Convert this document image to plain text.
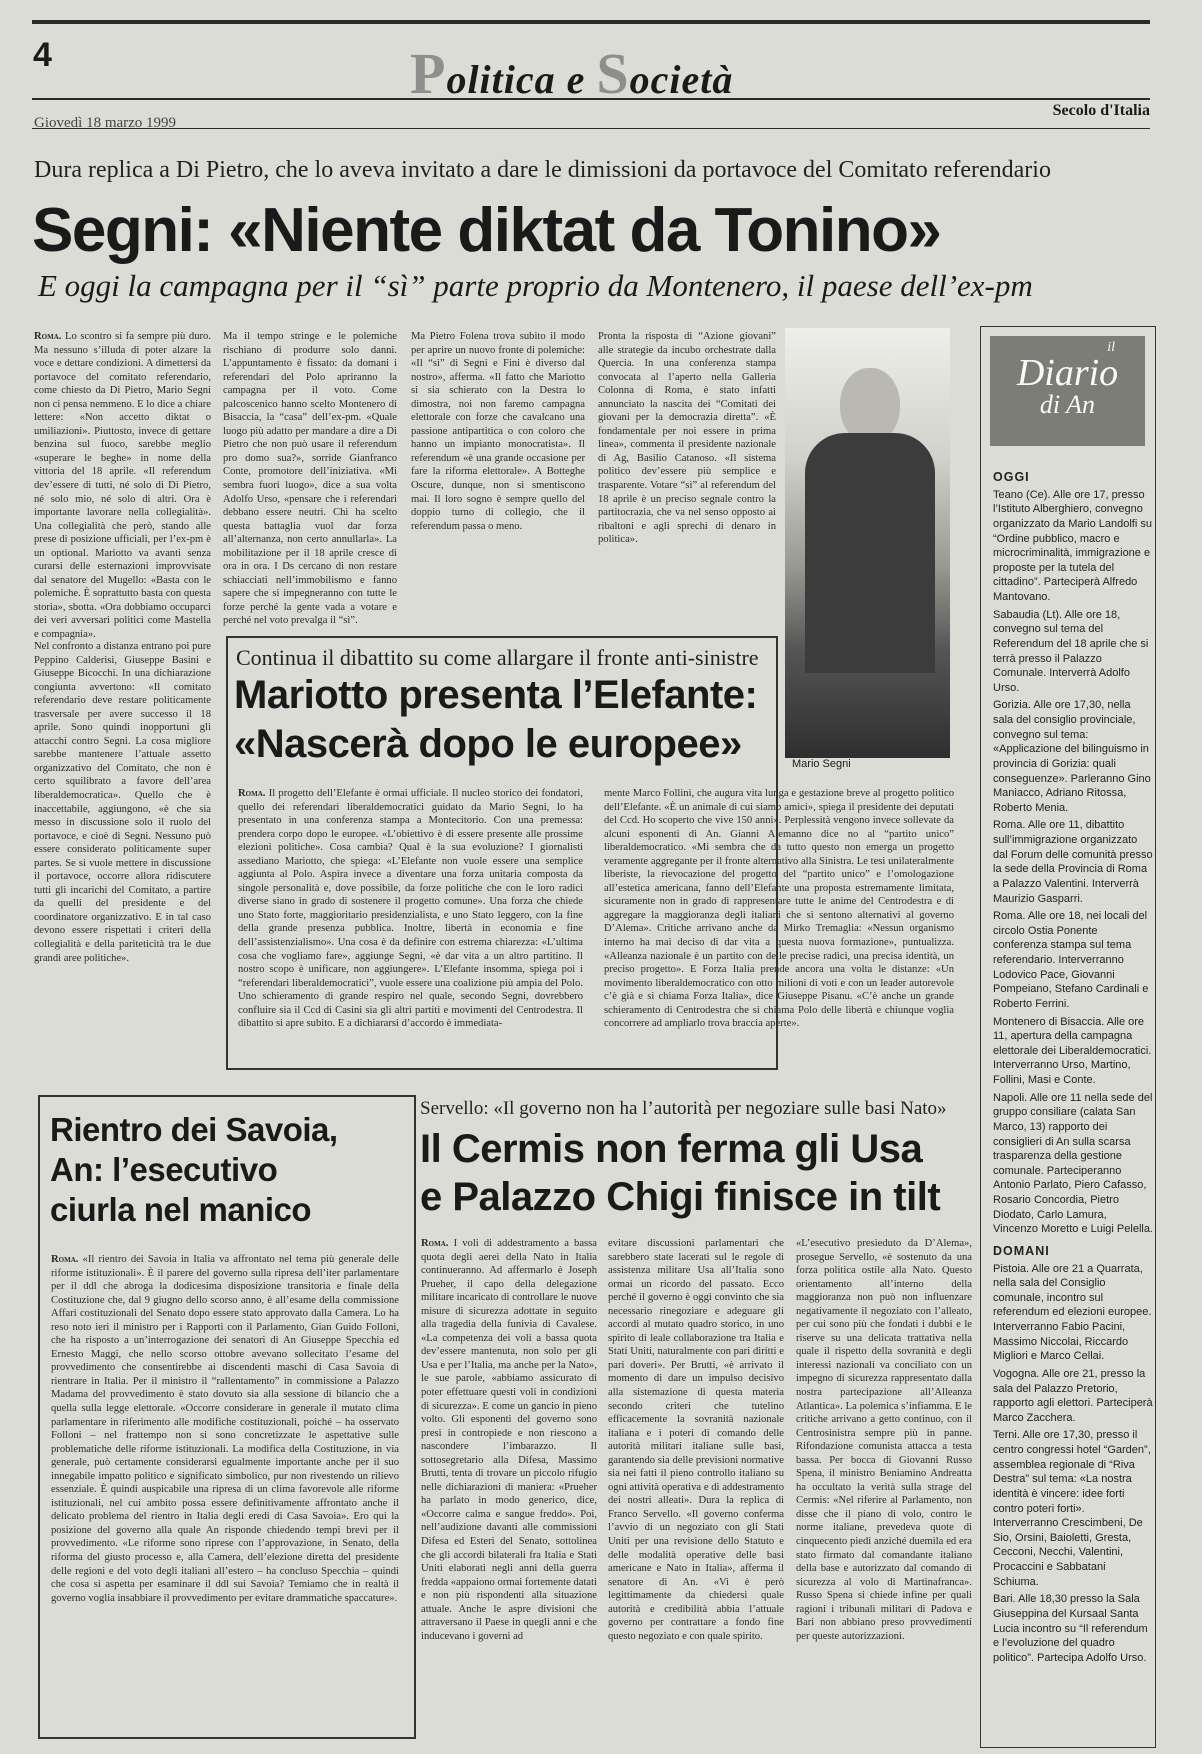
4	Politica e Società
Giovedì 18 marzo 1999
Secolo d'Italia
Dura replica a Di Pietro, che lo aveva invitato a dare le dimissioni da portavoce del Comitato referendario
Segni: «Niente diktat da Tonino»
E oggi la campagna per il “sì” parte proprio da Montenero, il paese dell’ex-pm
Roma. Lo scontro si fa sempre più duro. Ma nessuno s’illuda di poter alzare la voce e dettare condizioni. A dimettersi da portavoce del comitato referendario, come chiesto da Di Pietro, Mario Segni non ci pensa nemmeno. E lo dice a chiare lettere: «Non accetto diktat o umiliazioni». Piuttosto, invece di gettare benzina sul fuoco, sarebbe meglio «superare le beghe» in nome della vittoria del 18 aprile. «Il referendum dev’essere di tutti, né solo di Di Pietro, né solo mio, né solo di altri. Ora è importante lavorare nella collegialità». Una collegialità che però, stando alle prese di posizione ufficiali, per l’ex-pm è un optional. Mariotto va avanti senza curarsi delle esternazioni improvvisate dal senatore del Mugello: «Basta con le polemiche. È soprattutto basta con questa storia», sbotta. «Ora dobbiamo occuparci dei veri avversari politici come Mastella e compagnia».
Ma il tempo stringe e le polemiche rischiano di produrre solo danni. L’appuntamento è fissato: da domani i referendari del Polo apriranno la campagna per il voto. Come palcoscenico hanno scelto Montenero di Bisaccia, la “casa” dell’ex-pm. «Quale luogo più adatto per mandare a dire a Di Pietro che non può usare il referendum pro domo sua?», sorride Gianfranco Conte, promotore dell’iniziativa. «Mi sembra fuori luogo», dice a sua volta Adolfo Urso, «pensare che i referendari debbano essere neutri. Chi ha scelto questa battaglia vuol dar forza all’alternanza, non certo annullarla». La mobilitazione per il 18 aprile cresce di ora in ora. I Ds cercano di non restare schiacciati nell’immobilismo e fanno sapere che si impegneranno con tutte le forze perché la gente vada a votare e perché nel voto prevalga il “sì”.
Ma Pietro Folena trova subito il modo per aprire un nuovo fronte di polemiche: «Il “sì” di Segni e Fini è diverso dal nostro», afferma. «Il fatto che Mariotto si sia schierato con la Destra lo dimostra, noi non faremo campagna elettorale con forze che cavalcano una passione antipartitica o con coloro che hanno un impianto monocratista». Il referendum «è una grande occasione per fare la riforma elettorale». A Botteghe Oscure, dunque, non si smentiscono mai. Il loro sogno è sempre quello del doppio turno di collegio, che il referendum passa o meno.
Pronta la risposta di “Azione giovani” alle strategie da incubo orchestrate dalla Quercia. In una conferenza stampa convocata al l’aperto nella Galleria Colonna di Roma, è stato infatti annunciato la nascita dei “Comitati dei giovani per la democrazia diretta”. «È fondamentale per noi essere in prima linea», commenta il presidente nazionale di Ag, Basilio Catanoso. «Il sistema politico dev’essere più semplice e trasparente. Votare “sì” al referendum del 18 aprile è un preciso segnale contro la partitocrazia, che va nel senso opposto ai ribaltoni e agli sprechi di denaro in politica».
Nel confronto a distanza entrano poi pure Peppino Calderisi, Giuseppe Basini e Giuseppe Bicocchi. In una dichiarazione congiunta avvertono: «Il comitato referendario deve restare politicamente trasversale per avere successo il 18 aprile. Sono quindi inopportuni gli attacchi contro Segni. La cosa migliore sarebbe mantenere l’attuale assetto organizzativo del Comitato, che non è certo squilibrato a favore dell’area liberaldemocratica». Quello che è inaccettabile, aggiungono, «è che sia messo in discussione solo il ruolo del portavoce, e cioè di Segni. Nessuno può essere considerato politicamente super partes. Se si vuole mettere in discussione il portavoce, occorre allora ridiscutere tutti gli incarichi del Comitato, a partire da quelli del presidente e del coordinatore organizzativo. E in tal caso devono essere rispettati i criteri della collegialità e della pariteticità tra le due grandi aree politiche».
Mario Segni
Continua il dibattito su come allargare il fronte anti-sinistre
Mariotto presenta l’Elefante:
«Nascerà dopo le europee»
Roma. Il progetto dell’Elefante è ormai ufficiale. Il nucleo storico dei fondatori, quello dei referendari liberaldemocratici guidato da Mario Segni, lo ha presentato in una conferenza stampa a Montecitorio. Con una premessa: prendera corpo dopo le europee. «L’obiettivo è di essere presente alle prossime elezioni politiche». Cosa cambia? Qual è la sua evoluzione? I giornalisti assediano Mariotto, che spiega: «L’Elefante non vuole essere una semplice aggiunta al Polo. Aspira invece a diventare una forza unitaria composta da singole personalità e, dove possibile, da forze politiche che con le loro radici diverse siano in grado di sostenere il progetto comune». Una forza che chiede uno Stato forte, maggioritario presidenzialista, e uno Stato leggero, con la fine della grande presenza pubblica. Inoltre, libertà in economia e fine dell’assistenzialismo». Una cosa è da definire con estrema chiarezza: «L’ultima cosa che vogliamo fare», aggiunge Segni, «è dar vita a un altro partitino. Il nostro scopo è unificare, non aggiungere». L’Elefante insomma, spiega poi i “referendari liberaldemocratici”, vuole essere una coalizione più ampia del Polo. Uno schieramento di grande respiro nel quale, secondo Segni, dovrebbero confluire sia il Ccd di Casini sia gli altri partiti e movimenti del Centrodestra. Il dibattito si apre subito. E a dichiararsi d’accordo è immediata-
mente Marco Follini, che augura vita lunga e gestazione breve al progetto politico dell’Elefante. «È un animale di cui siamo amici», spiega il presidente dei deputati del Ccd. Ho scoperto che vive 150 anni». Perplessità vengono invece sollevate da alcuni esponenti di An. Gianni Alemanno dice no al “partito unico” liberaldemocratico. «Mi sembra che da tutto questo non emerga un progetto veramente aggregante per il fronte alternativo alla Sinistra. Le tesi unilateralmente liberiste, la rievocazione del progetto del “partito unico” e l’omologazione all’estetica americana, fanno dell’Elefante una proposta estremamente limitata, sicuramente non in grado di rappresentare tutte le anime del Centrodestra e di aggregare la maggioranza degli italiani che si sentono alternativi al governo D’Alema». Critiche arrivano anche da Mirko Tremaglia: «Nessun organismo interno ha mai deciso di dar vita a questa nuova formazione», puntualizza. «Alleanza nazionale è un partito con delle precise radici, una precisa identità, un preciso progetto». E Forza Italia prende ancora una volta le distanze: «Un movimento liberaldemocratico con otto milioni di voti e con un leader autorevole c’è già e si chiama Forza Italia», dice Giuseppe Pisanu. «C’è anche un grande schieramento di Centrodestra che si chiama Polo delle libertà e chiunque voglia concorrere ad ampliarlo trova braccia aperte».
il
Diario
di An
OGGI
Teano (Ce). Alle ore 17, presso l’Istituto Alberghiero, convegno organizzato da Mario Landolfi su “Ordine pubblico, macro e microcriminalità, immigrazione e proposte per la tutela del cittadino”. Parteciperà Alfredo Mantovano.
Sabaudia (Lt). Alle ore 18, convegno sul tema del Referendum del 18 aprile che si terrà presso il Palazzo Comunale. Interverrà Adolfo Urso.
Gorizia. Alle ore 17,30, nella sala del consiglio provinciale, convegno sul tema: «Applicazione del bilinguismo in provincia di Gorizia: quali conseguenze». Parleranno Gino Maniacco, Adriano Ritossa, Roberto Menia.
Roma. Alle ore 11, dibattito sull’immigrazione organizzato dal Forum delle comunità presso la sede della Provincia di Roma a Palazzo Valentini. Interverrà Maurizio Gasparri.
Roma. Alle ore 18, nei locali del circolo Ostia Ponente conferenza stampa sul tema referendario. Interverranno Lodovico Pace, Giovanni Pompeiano, Stefano Cardinali e Roberto Ferrini.
Montenero di Bisaccia. Alle ore 11, apertura della campagna elettorale dei Liberaldemocratici. Interverranno Urso, Martino, Follini, Masi e Conte.
Napoli. Alle ore 11 nella sede del gruppo consiliare (calata San Marco, 13) rapporto dei consiglieri di An sulla scarsa trasparenza della gestione comunale. Parteciperanno Antonio Parlato, Piero Cafasso, Rosario Concordia, Pietro Diodato, Carlo Lamura, Vincenzo Moretto e Luigi Pelella.
DOMANI
Pistoia. Alle ore 21 a Quarrata, nella sala del Consiglio comunale, incontro sul referendum ed elezioni europee. Interverranno Fabio Pacini, Massimo Niccolai, Riccardo Migliori e Marco Cellai.
Vogogna. Alle ore 21, presso la sala del Palazzo Pretorio, rapporto agli elettori. Parteciperà Marco Zacchera.
Terni. Alle ore 17,30, presso il centro congressi hotel “Garden”, assemblea regionale di “Riva Destra” sul tema: «La nostra identità è vincere: idee forti contro poteri forti». Interverranno Crescimbeni, De Sio, Orsini, Baioletti, Gresta, Cecconi, Necchi, Valentini, Procaccini e Sabbatani Schiuma.
Bari. Alle 18,30 presso la Sala Giuseppina del Kursaal Santa Lucia incontro su “Il referendum e l’evoluzione del quadro politico”. Partecipa Adolfo Urso.
Rientro dei Savoia,
An: l’esecutivo
ciurla nel manico
Roma. «Il rientro dei Savoia in Italia va affrontato nel tema più generale delle riforme istituzionali». È il parere del governo sulla ripresa dell’iter parlamentare per il ddl che abroga la dodicesima disposizione transitoria e finale della Costituzione che, dal 9 giugno dello scorso anno, è all’esame della commissione Affari costituzionali del Senato dopo essere stato approvato dalla Camera. Lo ha reso noto ieri il ministro per i Rapporti con il Parlamento, Gian Guido Folloni, che ha risposto a un’interrogazione dei senatori di An Giuseppe Specchia ed Ernesto Maggi, che nello scorso ottobre avevano sollecitato l’esame del provvedimento che consentirebbe ai discendenti maschi di Casa Savoia di rientrare in Italia. Per il ministro il “rallentamento” in commissione a Palazzo Madama del provvedimento è stato dovuto sia alla sessione di bilancio che a quella sulla legge elettorale. «Occorre considerare in generale il mutato clima parlamentare in riferimento alle modifiche costituzionali, poiché – ha osservato Folloni – nel frattempo non si sono concretizzate le aspettative sulle problematiche delle riforme istituzionali. La modifica della Costituzione, in via generale, può certamente considerarsi egualmente importante anche per il suo innegabile impatto politico e significato simbolico, pur non rivestendo un rilievo essenziale. È quindi auspicabile una ripresa di un clima favorevole alle riforme istituzionali, nel cui ambito possa essere definitivamente affrontato anche il delicato problema del rientro in Italia degli eredi di Casa Savoia». Ero qui la posizione del governo alla quale An risponde chiedendo tempi brevi per il provvedimento. «Le riforme sono riprese con l’approvazione, in Senato, della riforma del giusto processo e, alla Camera, dell’elezione diretta del presidente delle regioni e del voto degli italiani all’estero – ha concluso Specchia – quindi che cosa si aspetta per esaminare il ddl sui Savoia? Temiamo che in realtà il governo voglia insabbiare il provvedimento per evitare drammatiche spaccature».
Servello: «Il governo non ha l’autorità per negoziare sulle basi Nato»
Il Cermis non ferma gli Usa
e Palazzo Chigi finisce in tilt
Roma. I voli di addestramento a bassa quota degli aerei della Nato in Italia continueranno. Ad affermarlo è Joseph Prueher, il capo della delegazione militare incaricato di controllare le nuove misure di sicurezza adottate in seguito alla tragedia della funivia di Cavalese. «La competenza dei voli a bassa quota dev’essere mantenuta, non solo per gli Usa e per l’Italia, ma anche per la Nato», le sue parole, «abbiamo assicurato di poter effettuare questi voli in condizioni di sicurezza». E come un gancio in pieno volto. Gli esponenti del governo sono presi in contropiede e non riescono a nascondere l’imbarazzo. Il sottosegretario alla Difesa, Massimo Brutti, tenta di trovare un piccolo rifugio nelle dichiarazioni di maniera: «Prueher ha parlato in modo generico, dice, «Occorre calma e sangue freddo». Poi, nell’audizione davanti alle commissioni Difesa ed Esteri del Senato, sottolinea che gli accordi bilaterali fra Italia e Stati Uniti elaborati negli anni della guerra fredda «appaiono ormai fortemente datati e non più rispondenti alla situazione attuale. Anche le aspre divisioni che attraversano il Paese in quegli anni e che inducevano i governi ad
evitare discussioni parlamentari che sarebbero state lacerati sul le regole di assistenza militare Usa all’Italia sono ormai un ricordo del passato. Ecco perché il governo è oggi convinto che sia necessario rinegoziare e adeguare gli accordi al mutato quadro storico, in uno spirito di leale collaborazione tra Italia e Stati Uniti, naturalmente con pari diritti e pari doveri». Per Brutti, «è arrivato il momento di dare un impulso decisivo alla sistemazione di questa materia secondo criteri che tutelino efficacemente la sovranità nazionale italiana e i poteri di comando delle autorità militari italiane sulle basi, garantendo sia delle previsioni normative sia nei fatti il pieno controllo italiano su ogni attività operativa e di addestramento dei nostri alleati». Dura la replica di Franco Servello. «Il governo conferma l’avvio di un negoziato con gli Stati Uniti per una revisione dello Statuto e delle modalità operative delle basi americane e Nato in Italia», afferma il senatore di An. «Vi è però legittimamente da chiedersi quale autorità e credibilità abbia l’attuale governo per contrattare a fondo fine questo negoziato e con quale spirito.
«L’esecutivo presieduto da D’Alema», prosegue Servello, «è sostenuto da una forza politica ostile alla Nato. Questo orientamento all’interno della maggioranza non può non influenzare negativamente il negoziato con l’alleato, per cui sono più che fondati i dubbi e le riserve su una delicata trattativa nella quale il rispetto della sovranità e degli interessi nazionali va conciliato con un impegno di sicurezza rappresentato dalla nostra partecipazione all’Alleanza Atlantica». La polemica s’infiamma. E le critiche arrivano a getto continuo, con il Centrosinistra sempre più in panne. Rifondazione comunista attacca a testa bassa. Per bocca di Giovanni Russo Spena, il ministro Beniamino Andreatta ha occultato la verità sulla strage del Cermis: «Nel riferire al Parlamento, non disse che il piano di volo, contro le norme italiane, prevedeva quote di cinquecento piedi anziché duemila ed era stato firmato dal comandante italiano della base e autorizzato dal comando di sicurezza al volo di Martinafranca». Russo Spena si chiede infine per quali ragioni i tribunali militari di Padova e Bari non abbiano preso provvedimenti per queste autorizzazioni.
